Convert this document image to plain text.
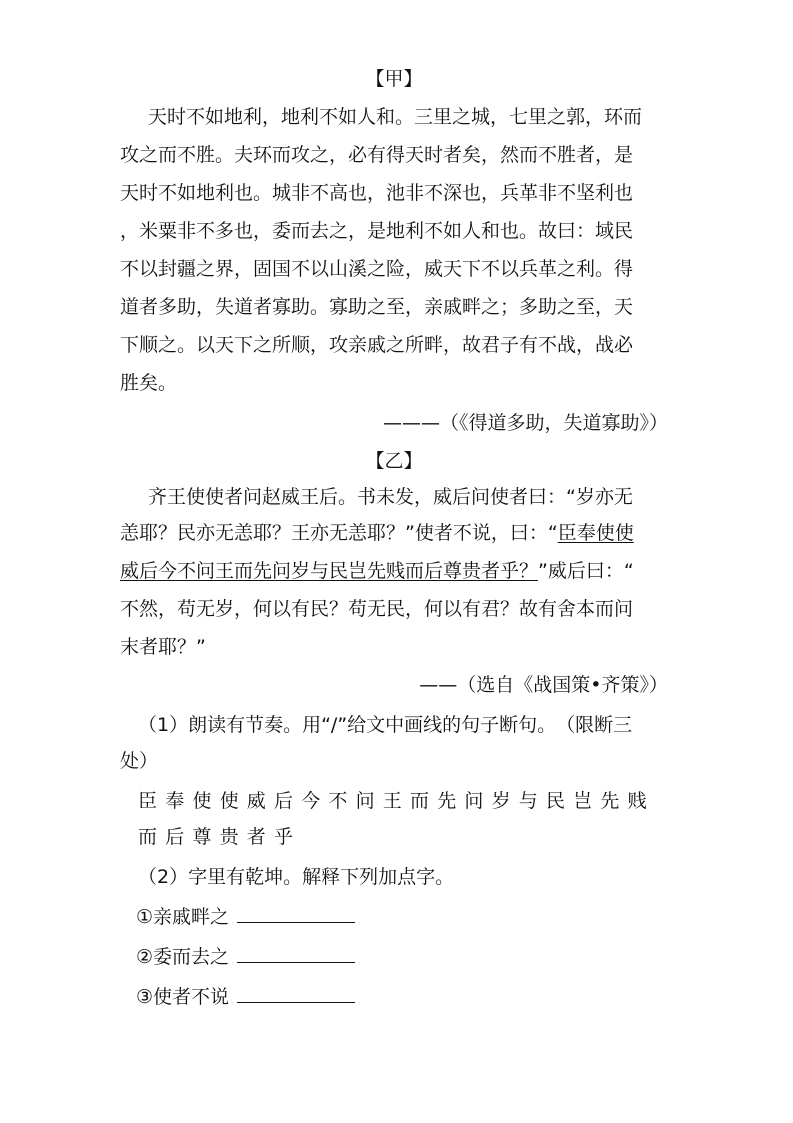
【甲】
天时不如地利，地利不如人和。三里之城，七里之郭，环而
攻之而不胜。夫环而攻之，必有得天时者矣，然而不胜者，是
天时不如地利也。城非不高也，池非不深也，兵革非不坚利也
，米粟非不多也，委而去之，是地利不如人和也。故曰：域民
不以封疆之界，固国不以山溪之险，威天下不以兵革之利。得
道者多助，失道者寡助。寡助之至，亲戚畔之；多助之至，天
下顺之。以天下之所顺，攻亲戚之所畔，故君子有不战，战必
胜矣。
———（《得道多助，失道寡助》）
【乙】
齐王使使者问赵威王后。书未发，威后问使者曰：“岁亦无
恙耶？民亦无恙耶？王亦无恙耶？”使者不说，曰：“臣奉使使
威后今不问王而先问岁与民岂先贱而后尊贵者乎？”威后曰：“
不然，苟无岁，何以有民？苟无民，何以有君？故有舍本而问
末者耶？”
——（选自《战国策•齐策》）
（1）朗读有节奏。用“/”给文中画线的句子断句。　（限断三
处）
臣奉使使威后今不问王而先问岁与民岂先贱
而后尊贵者乎
（2）字里有乾坤。解释下列加点字。
①亲戚畔之
②委而去之
③使者不说
